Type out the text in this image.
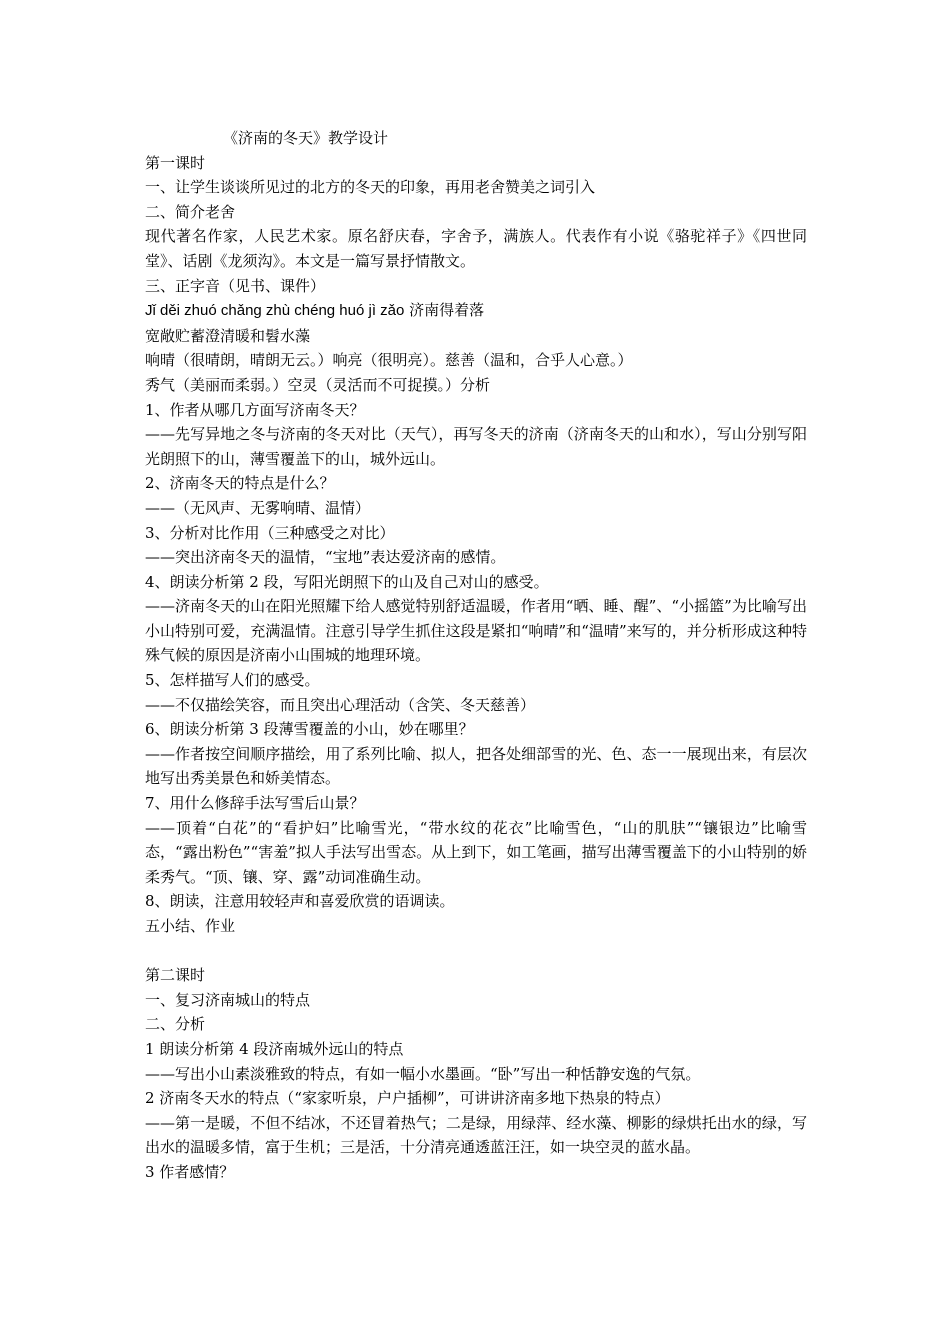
《济南的冬天》教学设计

第一课时

一、让学生谈谈所见过的北方的冬天的印象，再用老舍赞美之词引入

二、简介老舍

现代著名作家，人民艺术家。原名舒庆春，字舍予，满族人。代表作有小说《骆驼祥子》《四世同堂》、话剧《龙须沟》。本文是一篇写景抒情散文。

三、正字音（见书、课件）

Jǐ děi zhuó chǎng zhù chéng huó jì zǎo 济南得着落

宽敞贮蓄澄清暖和髫水藻

响晴（很晴朗，晴朗无云。）响亮（很明亮）。慈善（温和，合乎人心意。）

秀气（美丽而柔弱。）空灵（灵活而不可捉摸。）分析

1、作者从哪几方面写济南冬天？

——先写异地之冬与济南的冬天对比（天气），再写冬天的济南（济南冬天的山和水），写山分别写阳光朗照下的山，薄雪覆盖下的山，城外远山。

2、济南冬天的特点是什么？

——（无风声、无雾响晴、温情）

3、分析对比作用（三种感受之对比）

——突出济南冬天的温情，“宝地”表达爱济南的感情。

4、朗读分析第 2 段，写阳光朗照下的山及自己对山的感受。

——济南冬天的山在阳光照耀下给人感觉特别舒适温暖，作者用“晒、睡、醒”、“小摇篮”为比喻写出小山特别可爱，充满温情。注意引导学生抓住这段是紧扣“响晴”和“温晴”来写的，并分析形成这种特殊气候的原因是济南小山围城的地理环境。

5、怎样描写人们的感受。

——不仅描绘笑容，而且突出心理活动（含笑、冬天慈善）

6、朗读分析第 3 段薄雪覆盖的小山，妙在哪里？

——作者按空间顺序描绘，用了系列比喻、拟人，把各处细部雪的光、色、态一一展现出来，有层次地写出秀美景色和娇美情态。

7、用什么修辞手法写雪后山景？

——顶着“白花”的“看护妇”比喻雪光，“带水纹的花衣”比喻雪色，“山的肌肤”“镶银边”比喻雪态，“露出粉色”“害羞”拟人手法写出雪态。从上到下，如工笔画，描写出薄雪覆盖下的小山特别的娇柔秀气。“顶、镶、穿、露”动词准确生动。

8、朗读，注意用较轻声和喜爱欣赏的语调读。

五小结、作业

第二课时

一、复习济南城山的特点

二、分析

1 朗读分析第 4 段济南城外远山的特点

——写出小山素淡雅致的特点，有如一幅小水墨画。“卧”写出一种恬静安逸的气氛。

2 济南冬天水的特点（“家家听泉，户户插柳”，可讲讲济南多地下热泉的特点）

——第一是暖，不但不结冰，不还冒着热气；二是绿，用绿萍、经水藻、柳影的绿烘托出水的绿，写出水的温暖多情，富于生机；三是活，十分清亮通透蓝汪汪，如一块空灵的蓝水晶。

3 作者感情？
